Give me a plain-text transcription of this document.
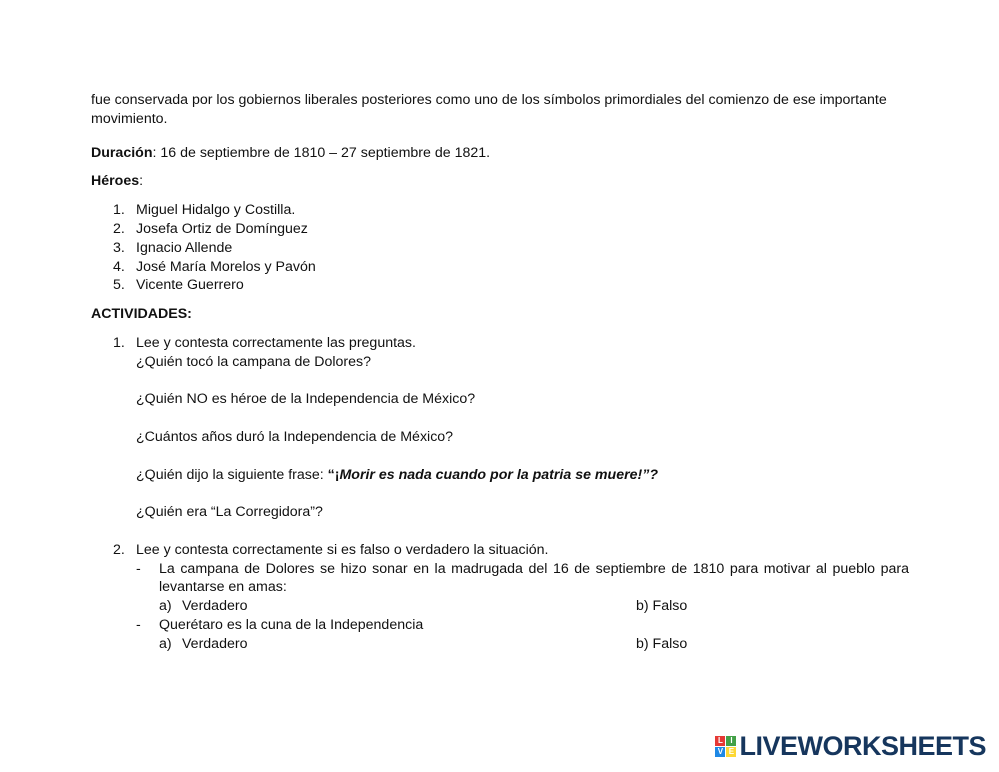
fue conservada por los gobiernos liberales posteriores como uno de los símbolos primordiales del comienzo de ese importante movimiento.

Duración: 16 de septiembre de 1810 – 27 septiembre de 1821.

Héroes:

1. Miguel Hidalgo y Costilla.
2. Josefa Ortiz de Domínguez
3. Ignacio Allende
4. José María Morelos y Pavón
5. Vicente Guerrero

ACTIVIDADES:

1. Lee y contesta correctamente las preguntas.

¿Quién tocó la campana de Dolores?

¿Quién NO es héroe de la Independencia de México?

¿Cuántos años duró la Independencia de México?

¿Quién dijo la siguiente frase: “¡Morir es nada cuando por la patria se muere!”?

¿Quién era “La Corregidora”?

2. Lee y contesta correctamente si es falso o verdadero la situación.

- La campana de Dolores se hizo sonar en la madrugada del 16 de septiembre de 1810 para motivar al pueblo para levantarse en amas:
a) Verdadero	b) Falso
- Querétaro es la cuna de la Independencia
a) Verdadero	b) Falso
L I
V E LIVEWORKSHEETS
